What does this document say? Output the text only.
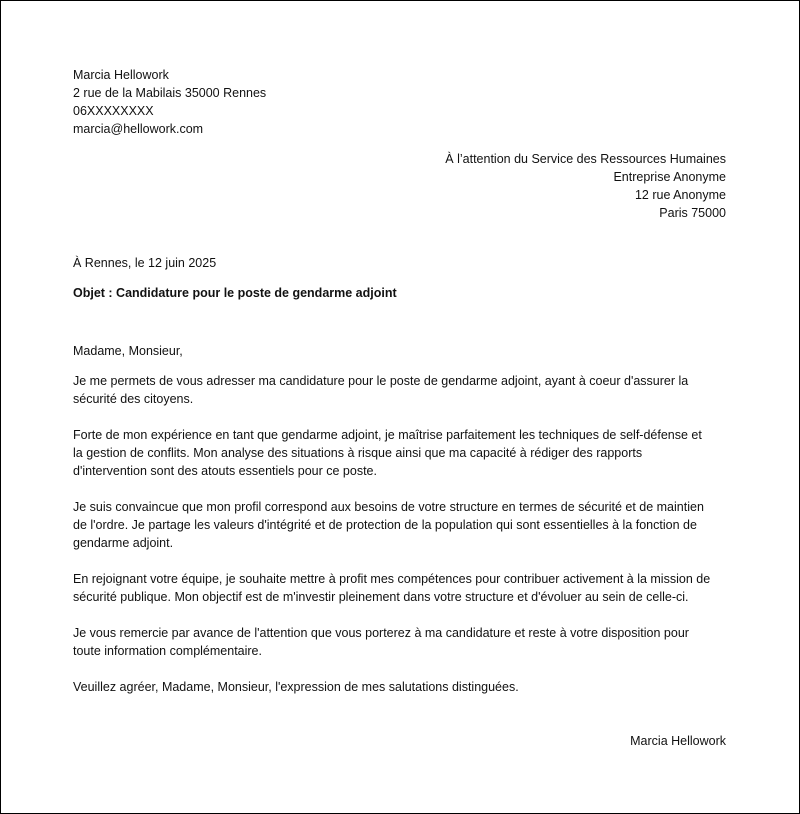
Marcia Hellowork
2 rue de la Mabilais 35000 Rennes
06XXXXXXXX
marcia@hellowork.com
À l’attention du Service des Ressources Humaines
Entreprise Anonyme
12 rue Anonyme
Paris 75000
À Rennes, le 12 juin 2025
Objet : Candidature pour le poste de gendarme adjoint

Madame, Monsieur,

Je me permets de vous adresser ma candidature pour le poste de gendarme adjoint, ayant à coeur d'assurer la
sécurité des citoyens.

Forte de mon expérience en tant que gendarme adjoint, je maîtrise parfaitement les techniques de self-défense et
la gestion de conflits. Mon analyse des situations à risque ainsi que ma capacité à rédiger des rapports
d'intervention sont des atouts essentiels pour ce poste.

Je suis convaincue que mon profil correspond aux besoins de votre structure en termes de sécurité et de maintien
de l'ordre. Je partage les valeurs d'intégrité et de protection de la population qui sont essentielles à la fonction de
gendarme adjoint.

En rejoignant votre équipe, je souhaite mettre à profit mes compétences pour contribuer activement à la mission de
sécurité publique. Mon objectif est de m'investir pleinement dans votre structure et d'évoluer au sein de celle-ci.

Je vous remercie par avance de l'attention que vous porterez à ma candidature et reste à votre disposition pour
toute information complémentaire.

Veuillez agréer, Madame, Monsieur, l'expression de mes salutations distinguées.

Marcia Hellowork
